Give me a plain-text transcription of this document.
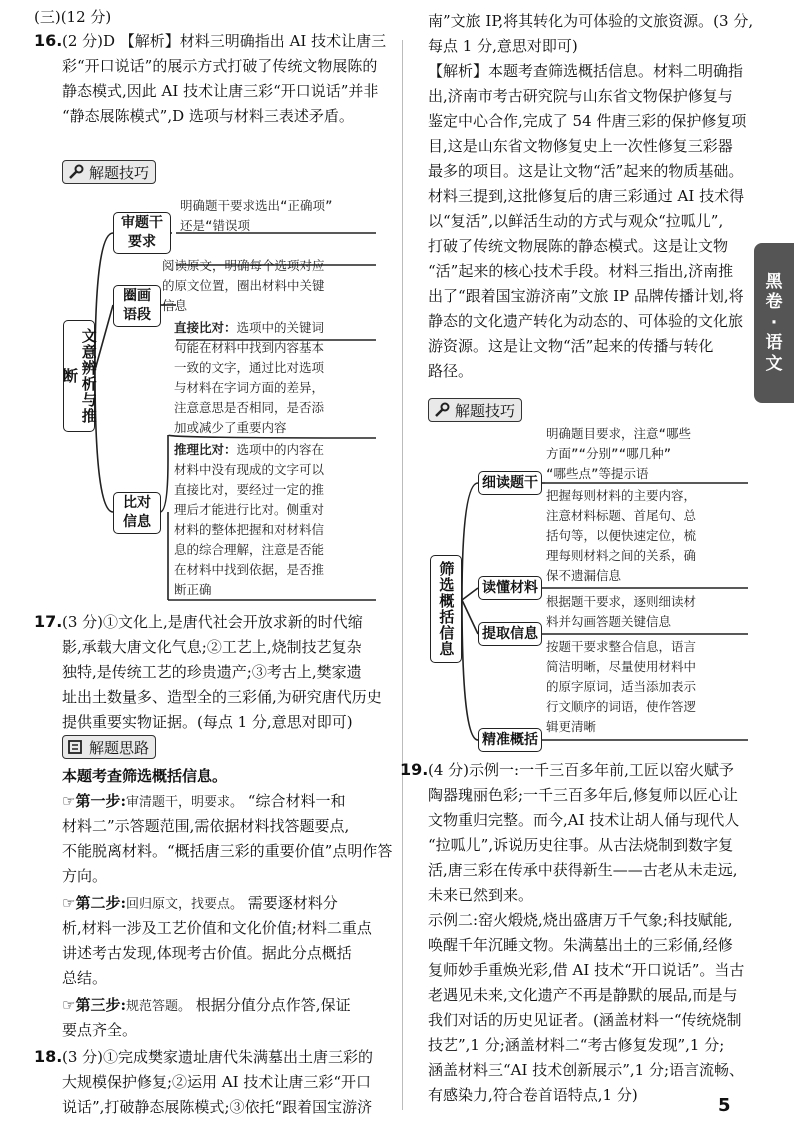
(三)(12 分)
16. (2 分)D 【解析】材料三明确指出 AI 技术让唐三
彩“开口说话”的展示方式打破了传统文物展陈的
静态模式,因此 AI 技术让唐三彩“开口说话”并非
“静态展陈模式”,D 选项与材料三表述矛盾。
解题技巧
文意辨析与推断
审题干要求
明确题干要求选出“正确项”
还是“错误项
圈画语段
阅读原文，明确每个选项对应
的原文位置，圈出材料中关键
信息
比对信息
直接比对：选项中的关键词
句能在材料中找到内容基本
一致的文字，通过比对选项
与材料在字词方面的差异，
注意意思是否相同，是否添
加或减少了重要内容
推理比对：选项中的内容在
材料中没有现成的文字可以
直接比对，要经过一定的推
理后才能进行比对。侧重对
材料的整体把握和对材料信
息的综合理解，注意是否能
在材料中找到依据，是否推
断正确
17. (3 分)①文化上,是唐代社会开放求新的时代缩
影,承载大唐文化气息;②工艺上,烧制技艺复杂
独特,是传统工艺的珍贵遗产;③考古上,樊家遗
址出土数量多、造型全的三彩俑,为研究唐代历史
提供重要实物证据。(每点 1 分,意思对即可)
解题思路
本题考查筛选概括信息。
☞第一步:审清题干，明要求。 “综合材料一和
材料二”示答题范围,需依据材料找答题要点,
不能脱离材料。“概括唐三彩的重要价值”点明作答
方向。
☞第二步:回归原文，找要点。 需要逐材料分
析,材料一涉及工艺价值和文化价值;材料二重点
讲述考古发现,体现考古价值。据此分点概括
总结。
☞第三步:规范答题。 根据分值分点作答,保证
要点齐全。
18. (3 分)①完成樊家遗址唐代朱满墓出土唐三彩的
大规模保护修复;②运用 AI 技术让唐三彩“开口
说话”,打破静态展陈模式;③依托“跟着国宝游济
南”文旅 IP,将其转化为可体验的文旅资源。(3 分,
每点 1 分,意思对即可)
【解析】本题考查筛选概括信息。材料二明确指
出,济南市考古研究院与山东省文物保护修复与
鉴定中心合作,完成了 54 件唐三彩的保护修复项
目,这是山东省文物修复史上一次性修复三彩器
最多的项目。这是让文物“活”起来的物质基础。
材料三提到,这批修复后的唐三彩通过 AI 技术得
以“复活”,以鲜活生动的方式与观众“拉呱儿”,
打破了传统文物展陈的静态模式。这是让文物
“活”起来的核心技术手段。材料三指出,济南推
出了“跟着国宝游济南”文旅 IP 品牌传播计划,将
静态的文化遗产转化为动态的、可体验的文化旅
游资源。这是让文物“活”起来的传播与转化
路径。
解题技巧
筛选概括信息
细读题干
明确题目要求，注意“哪些
方面”“分别”“哪几种”
“哪些点”等提示语
读懂材料
把握每则材料的主要内容，
注意材料标题、首尾句、总
括句等，以便快速定位，梳
理每则材料之间的关系，确
保不遗漏信息
提取信息
根据题干要求，逐则细读材
料并勾画答题关键信息
精准概括
按题干要求整合信息，语言
简洁明晰，尽量使用材料中
的原字原词，适当添加表示
行文顺序的词语，使作答逻
辑更清晰
19. (4 分)示例一:一千三百多年前,工匠以窑火赋予
陶器瑰丽色彩;一千三百多年后,修复师以匠心让
文物重归完整。而今,AI 技术让胡人俑与现代人
“拉呱儿”,诉说历史往事。从古法烧制到数字复
活,唐三彩在传承中获得新生——古老从未走远,
未来已然到来。
示例二:窑火煅烧,烧出盛唐万千气象;科技赋能,
唤醒千年沉睡文物。朱满墓出土的三彩俑,经修
复师妙手重焕光彩,借 AI 技术“开口说话”。当古
老遇见未来,文化遗产不再是静默的展品,而是与
我们对话的历史见证者。(涵盖材料一“传统烧制
技艺”,1 分;涵盖材料二“考古修复发现”,1 分;
涵盖材料三“AI 技术创新展示”,1 分;语言流畅、
有感染力,符合卷首语特点,1 分)
黑
卷
·
语
文
5
